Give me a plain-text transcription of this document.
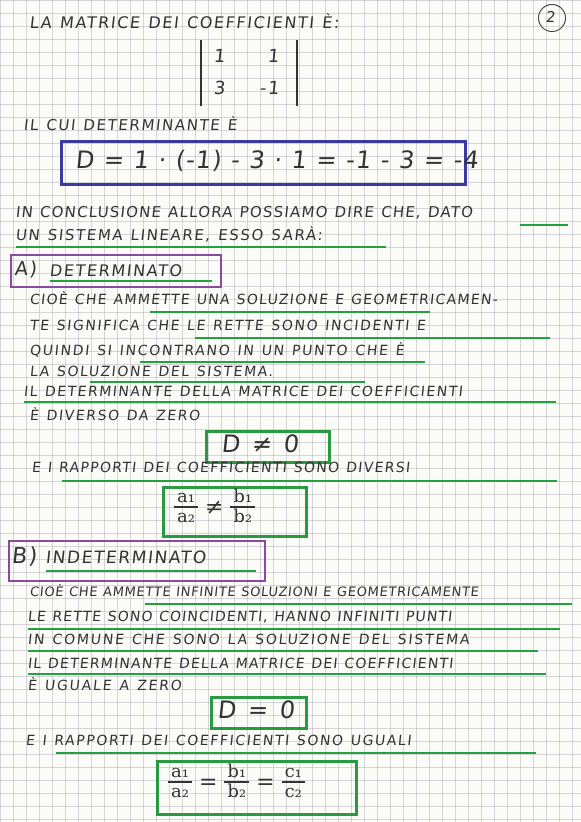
2
LA MATRICE DEI COEFFICIENTI È:
1 1
3 -1
IL CUI DETERMINANTE È
D = 1 · (-1) - 3 · 1 = -1 - 3 = -4
IN CONCLUSIONE ALLORA POSSIAMO DIRE CHE, DATO
UN SISTEMA LINEARE, ESSO SARÀ:
A) DETERMINATO
CIOÈ CHE AMMETTE UNA SOLUZIONE E GEOMETRICAMEN-
TE SIGNIFICA CHE LE RETTE SONO INCIDENTI E
QUINDI SI INCONTRANO IN UN PUNTO CHE È
LA SOLUZIONE DEL SISTEMA.
IL DETERMINANTE DELLA MATRICE DEI COEFFICIENTI
È DIVERSO DA ZERO
D ≠ 0
E I RAPPORTI DEI COEFFICIENTI SONO DIVERSI
a₁
a₂ ≠ b₁
b₂
B) INDETERMINATO
CIOÈ CHE AMMETTE INFINITE SOLUZIONI E GEOMETRICAMENTE
LE RETTE SONO COINCIDENTI, HANNO INFINITI PUNTI
IN COMUNE CHE SONO LA SOLUZIONE DEL SISTEMA
IL DETERMINANTE DELLA MATRICE DEI COEFFICIENTI
È UGUALE A ZERO
D = 0
E I RAPPORTI DEI COEFFICIENTI SONO UGUALI
$\frac{\text{a₁}}{\text{a₂}} = \frac{\text{b₁}}{\text{b₂}} = \frac{\text{c₁}}{\text{c₂}}$
